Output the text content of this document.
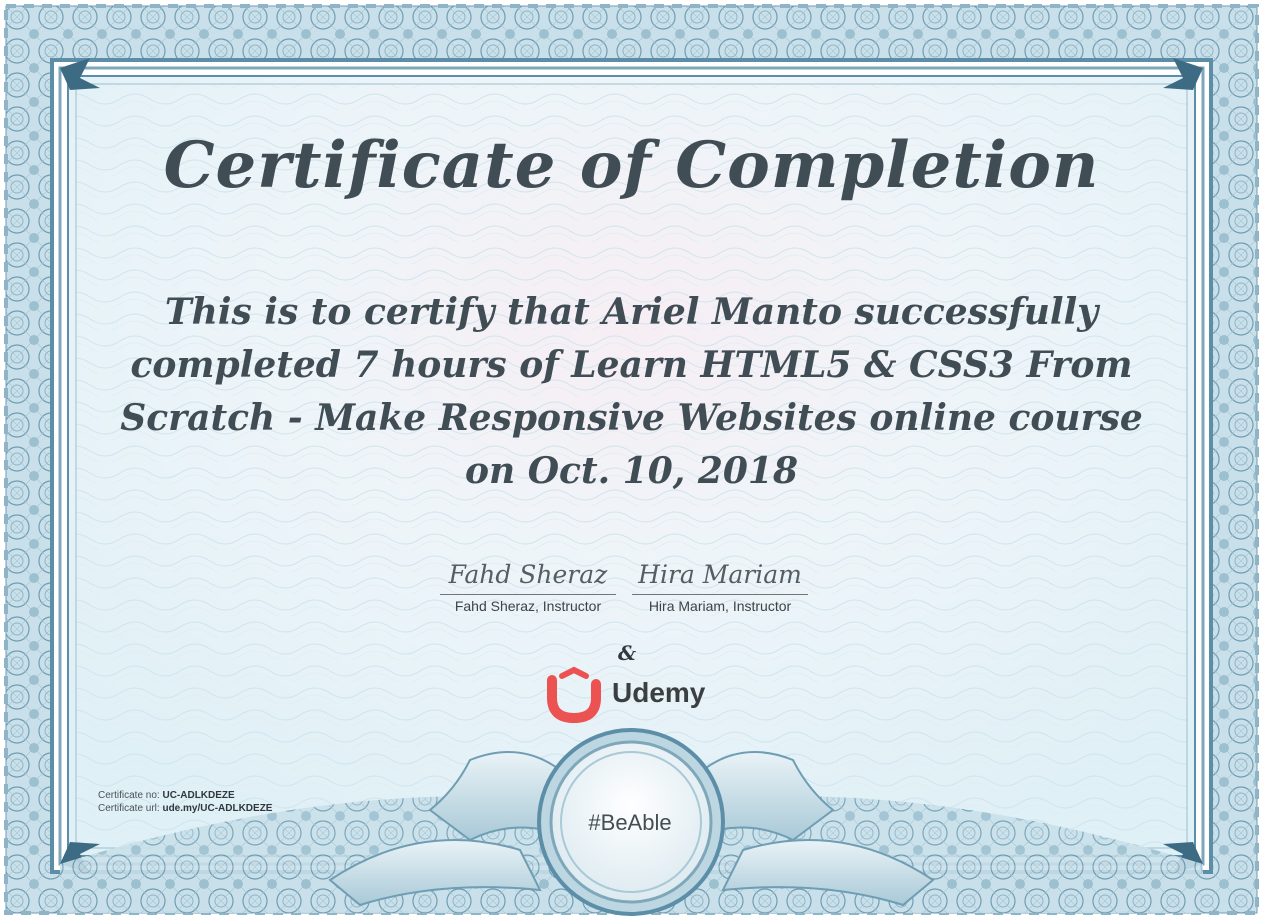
Certificate of Completion
This is to certify that Ariel Manto successfully
completed 7 hours of Learn HTML5 & CSS3 From
Scratch - Make Responsive Websites online course
on Oct. 10, 2018
Fahd Sheraz
Fahd Sheraz, Instructor
Hira Mariam
Hira Mariam, Instructor
&
Udemy
Certificate no: UC-ADLKDEZE
Certificate url: ude.my/UC-ADLKDEZE
#BeAble
